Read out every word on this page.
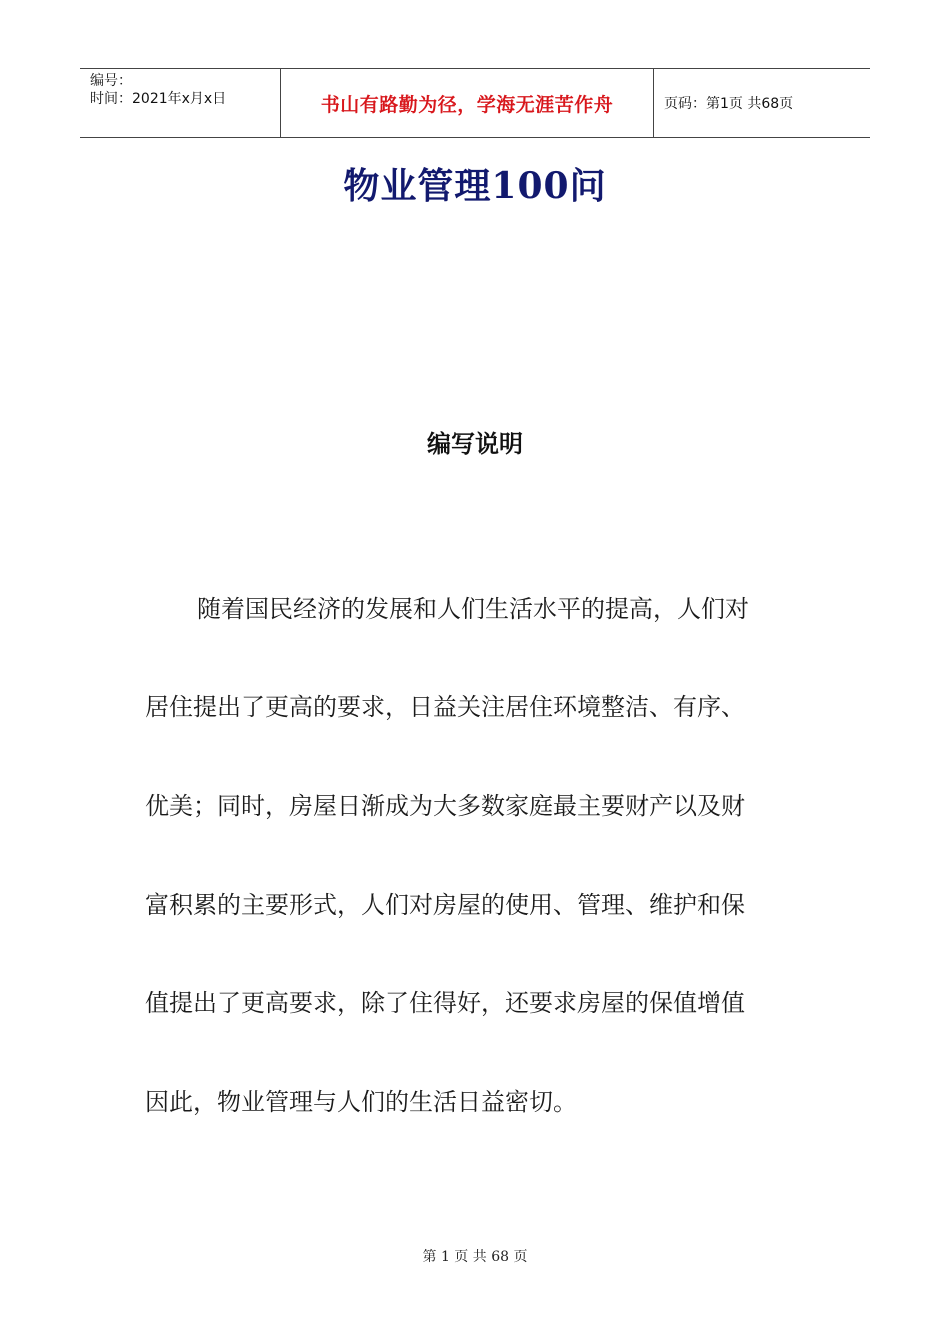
编号：
时间：2021年x月x日	书山有路勤为径，学海无涯苦作舟	页码：第1页 共68页
物业管理100问
编写说明
随着国民经济的发展和人们生活水平的提高，人们对
居住提出了更高的要求，日益关注居住环境整洁、有序、
优美；同时，房屋日渐成为大多数家庭最主要财产以及财
富积累的主要形式，人们对房屋的使用、管理、维护和保
值提出了更高要求，除了住得好，还要求房屋的保值增值
因此，物业管理与人们的生活日益密切。
第 1 页 共 68 页
